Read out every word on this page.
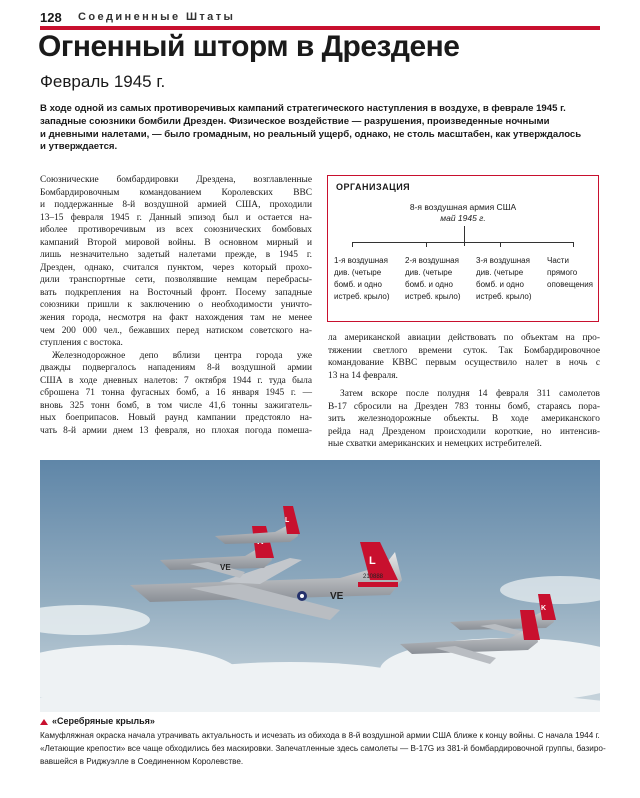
128 Соединенные Штаты
Огненный шторм в Дрездене
Февраль 1945 г.
В ходе одной из самых противоречивых кампаний стратегического наступления в воздухе, в феврале 1945 г.
западные союзники бомбили Дрезден. Физическое воздействие — разрушения, произведенные ночными
и дневными налетами, — было громадным, но реальный ущерб, однако, не столь масштабен, как утверждалось
и утверждается.
Союзнические бомбардировки Дрездена, возглавленные
Бомбардировочным командованием Королевских ВВС
и поддержанные 8-й воздушной армией США, проходили
13–15 февраля 1945 г. Данный эпизод был и остается на-
иболее противоречивым из всех союзнических бомбовых
кампаний Второй мировой войны. В основном мирный и
лишь незначительно задетый налетами прежде, в 1945 г.
Дрезден, однако, считался пунктом, через который прохо-
дили транспортные сети, позволявшие немцам перебрасы-
вать подкрепления на Восточный фронт. Посему западные
союзники пришли к заключению о необходимости уничто-
жения города, несмотря на факт нахождения там не менее
чем 200 000 чел., бежавших перед натиском советского на-
ступления с востока.
Железнодорожное депо вблизи центра города уже
дважды подвергалось нападениям 8-й воздушной армии
США в ходе дневных налетов: 7 октября 1944 г. туда была
сброшена 71 тонна фугасных бомб, а 16 января 1945 г. —
вновь 325 тонн бомб, в том числе 41,6 тонны зажигатель-
ных боеприпасов. Новый раунд кампании предстояло на-
чать 8-й армии днем 13 февраля, но плохая погода помеша-
ОРГАНИЗАЦИЯ
8-я воздушная армия США
май 1945 г.
1-я воздушная
див. (четыре
бомб. и одно
истреб. крыло)
2-я воздушная
див. (четыре
бомб. и одно
истреб. крыло)
3-я воздушная
див. (четыре
бомб. и одно
истреб. крыло)
Части
прямого
оповещения
ла американской авиации действовать по объектам на про-
тяжении светлого времени суток. Так Бомбардировочное
командование КВВС первым осуществило налет в ночь с
13 на 14 февраля.
Затем вскоре после полудня 14 февраля 311 самолетов
B-17 сбросили на Дрезден 783 тонны бомб, стараясь пора-
зить железнодорожные объекты. В ходе американского
рейда над Дрезденом происходили короткие, но интенсив-
ные схватки американских и немецких истребителей.
L
210888
VE
VE
L
K
«Серебряные крылья»
Камуфляжная окраска начала утрачивать актуальность и исчезать из обихода в 8-й воздушной армии США ближе к концу войны. С начала 1944 г.
«Летающие крепости» все чаще обходились без маскировки. Запечатленные здесь самолеты — B-17G из 381-й бомбардировочной группы, базиро-
вавшейся в Риджуэлле в Соединенном Королевстве.
